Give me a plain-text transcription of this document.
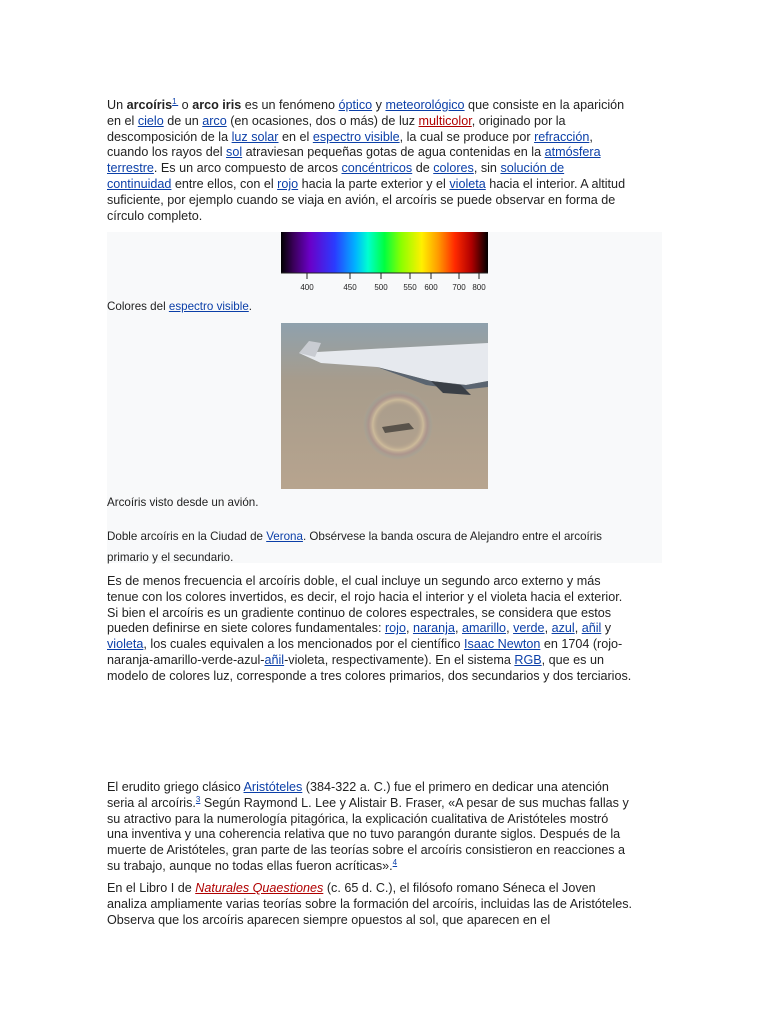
Un arcoíris$^1$  o arco iris es un fenómeno óptico y meteorológico que consiste en la aparición en el cielo de un arco (en ocasiones, dos o más) de luz multicolor, originado por la descomposición de la luz solar en el espectro visible, la cual se produce por refracción, cuando los rayos del sol atraviesan pequeñas gotas de agua contenidas en la atmósfera terrestre. Es un arco compuesto de arcos concéntricos de colores, sin solución de continuidad entre ellos, con el rojo hacia la parte exterior y el violeta hacia el interior. A altitud suficiente, por ejemplo cuando se viaja en avión, el arcoíris se puede observar en forma de círculo completo.
400	450 500 550 600 700 800
Colores del espectro visible.
Arcoíris visto desde un avión.
Doble arcoíris en la Ciudad de Verona. Obsérvese la banda oscura de Alejandro entre el arcoíris primario y el secundario.
Es de menos frecuencia el arcoíris doble, el cual incluye un segundo arco externo y más tenue con los colores invertidos, es decir, el rojo hacia el interior y el violeta hacia el exterior. Si bien el arcoíris es un gradiente continuo de colores espectrales, se considera que estos pueden definirse en siete colores fundamentales: rojo, naranja, amarillo, verde, azul, añil y violeta, los cuales equivalen a los mencionados por el científico Isaac Newton en 1704 (rojo-naranja-amarillo-verde-azul-añil-violeta, respectivamente). En el sistema RGB, que es un modelo de colores luz, corresponde a tres colores primarios, dos secundarios y dos terciarios.
El erudito griego clásico Aristóteles (384-322 a. C.) fue el primero en dedicar una atención seria al arcoíris.$^3$ Según Raymond L. Lee y Alistair B. Fraser, «A pesar de sus muchas fallas y su atractivo para la numerología pitagórica, la explicación cualitativa de Aristóteles mostró una inventiva y una coherencia relativa que no tuvo parangón durante siglos. Después de la muerte de Aristóteles, gran parte de las teorías sobre el arcoíris consistieron en reacciones a su trabajo, aunque no todas ellas fueron acríticas».$^4$
En el Libro I de Naturales Quaestiones (c. 65 d. C.), el filósofo romano Séneca el Joven analiza ampliamente varias teorías sobre la formación del arcoíris, incluidas las de Aristóteles. Observa que los arcoíris aparecen siempre opuestos al sol, que aparecen en el
